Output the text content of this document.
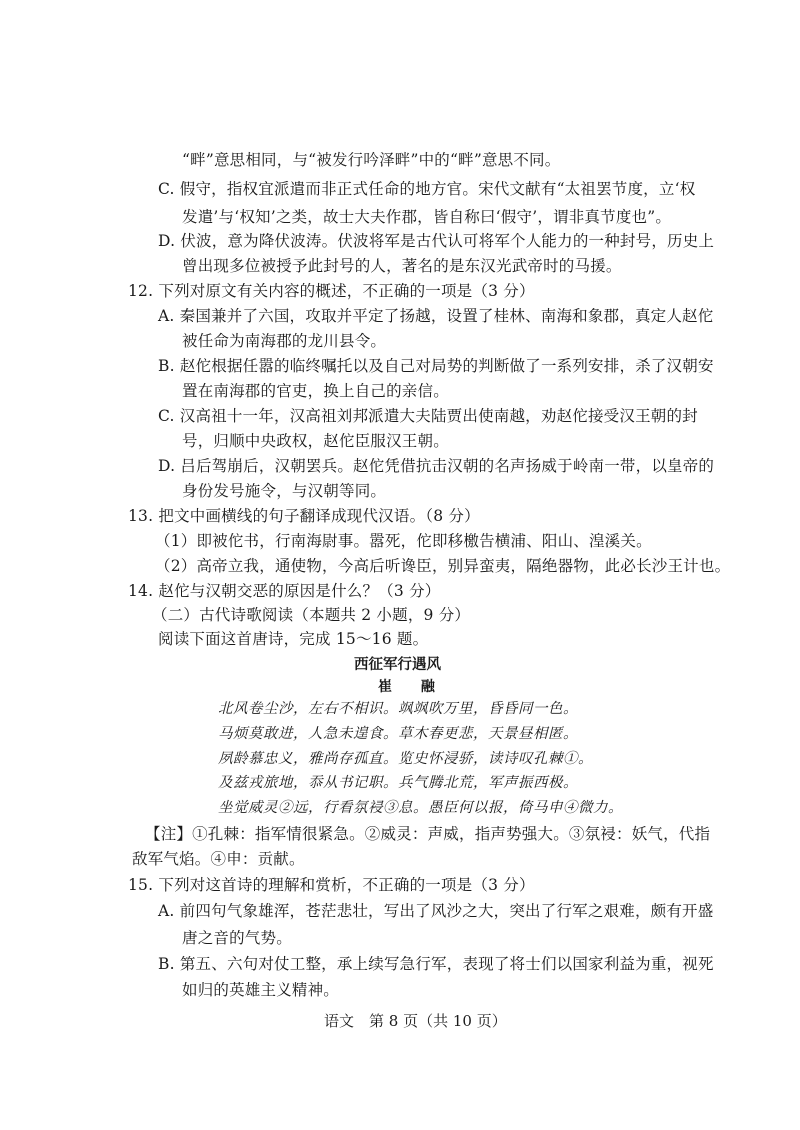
“畔”意思相同，与“被发行吟泽畔”中的“畔”意思不同。
C. 假守，指权宜派遣而非正式任命的地方官。宋代文献有“太祖罢节度，立‘权
发遣’与‘权知’之类，故士大夫作郡，皆自称曰‘假守’，谓非真节度也”。
D. 伏波，意为降伏波涛。伏波将军是古代认可将军个人能力的一种封号，历史上
曾出现多位被授予此封号的人，著名的是东汉光武帝时的马援。
12. 下列对原文有关内容的概述，不正确的一项是（3 分）
A. 秦国兼并了六国，攻取并平定了扬越，设置了桂林、南海和象郡，真定人赵佗
被任命为南海郡的龙川县令。
B. 赵佗根据任嚣的临终嘱托以及自己对局势的判断做了一系列安排，杀了汉朝安
置在南海郡的官吏，换上自己的亲信。
C. 汉高祖十一年，汉高祖刘邦派遣大夫陆贾出使南越，劝赵佗接受汉王朝的封
号，归顺中央政权，赵佗臣服汉王朝。
D. 吕后驾崩后，汉朝罢兵。赵佗凭借抗击汉朝的名声扬威于岭南一带，以皇帝的
身份发号施令，与汉朝等同。
13. 把文中画横线的句子翻译成现代汉语。（8 分）
（1）即被佗书，行南海尉事。嚣死，佗即移檄告横浦、阳山、湟溪关。
（2）高帝立我，通使物，今高后听谗臣，别异蛮夷，隔绝器物，此必长沙王计也。
14. 赵佗与汉朝交恶的原因是什么？（3 分）
（二）古代诗歌阅读（本题共 2 小题，9 分）
阅读下面这首唐诗，完成 15～16 题。
西征军行遇风
崔 融
北风卷尘沙，左右不相识。飒飒吹万里，昏昏同一色。
马烦莫敢进，人急未遑食。草木春更悲，天景昼相匿。
夙龄慕忠义，雅尚存孤直。览史怀浸骄，读诗叹孔棘①。
及兹戎旅地，忝从书记职。兵气腾北荒，军声振西极。
坐觉威灵②远，行看氛祲③息。愚臣何以报，倚马申④微力。
【注】①孔棘：指军情很紧急。②威灵：声威，指声势强大。③氛祲：妖气，代指
敌军气焰。④申：贡献。
15. 下列对这首诗的理解和赏析，不正确的一项是（3 分）
A. 前四句气象雄浑，苍茫悲壮，写出了风沙之大，突出了行军之艰难，颇有开盛
唐之音的气势。
B. 第五、六句对仗工整，承上续写急行军，表现了将士们以国家利益为重，视死
如归的英雄主义精神。
语文　第 8 页（共 10 页）
